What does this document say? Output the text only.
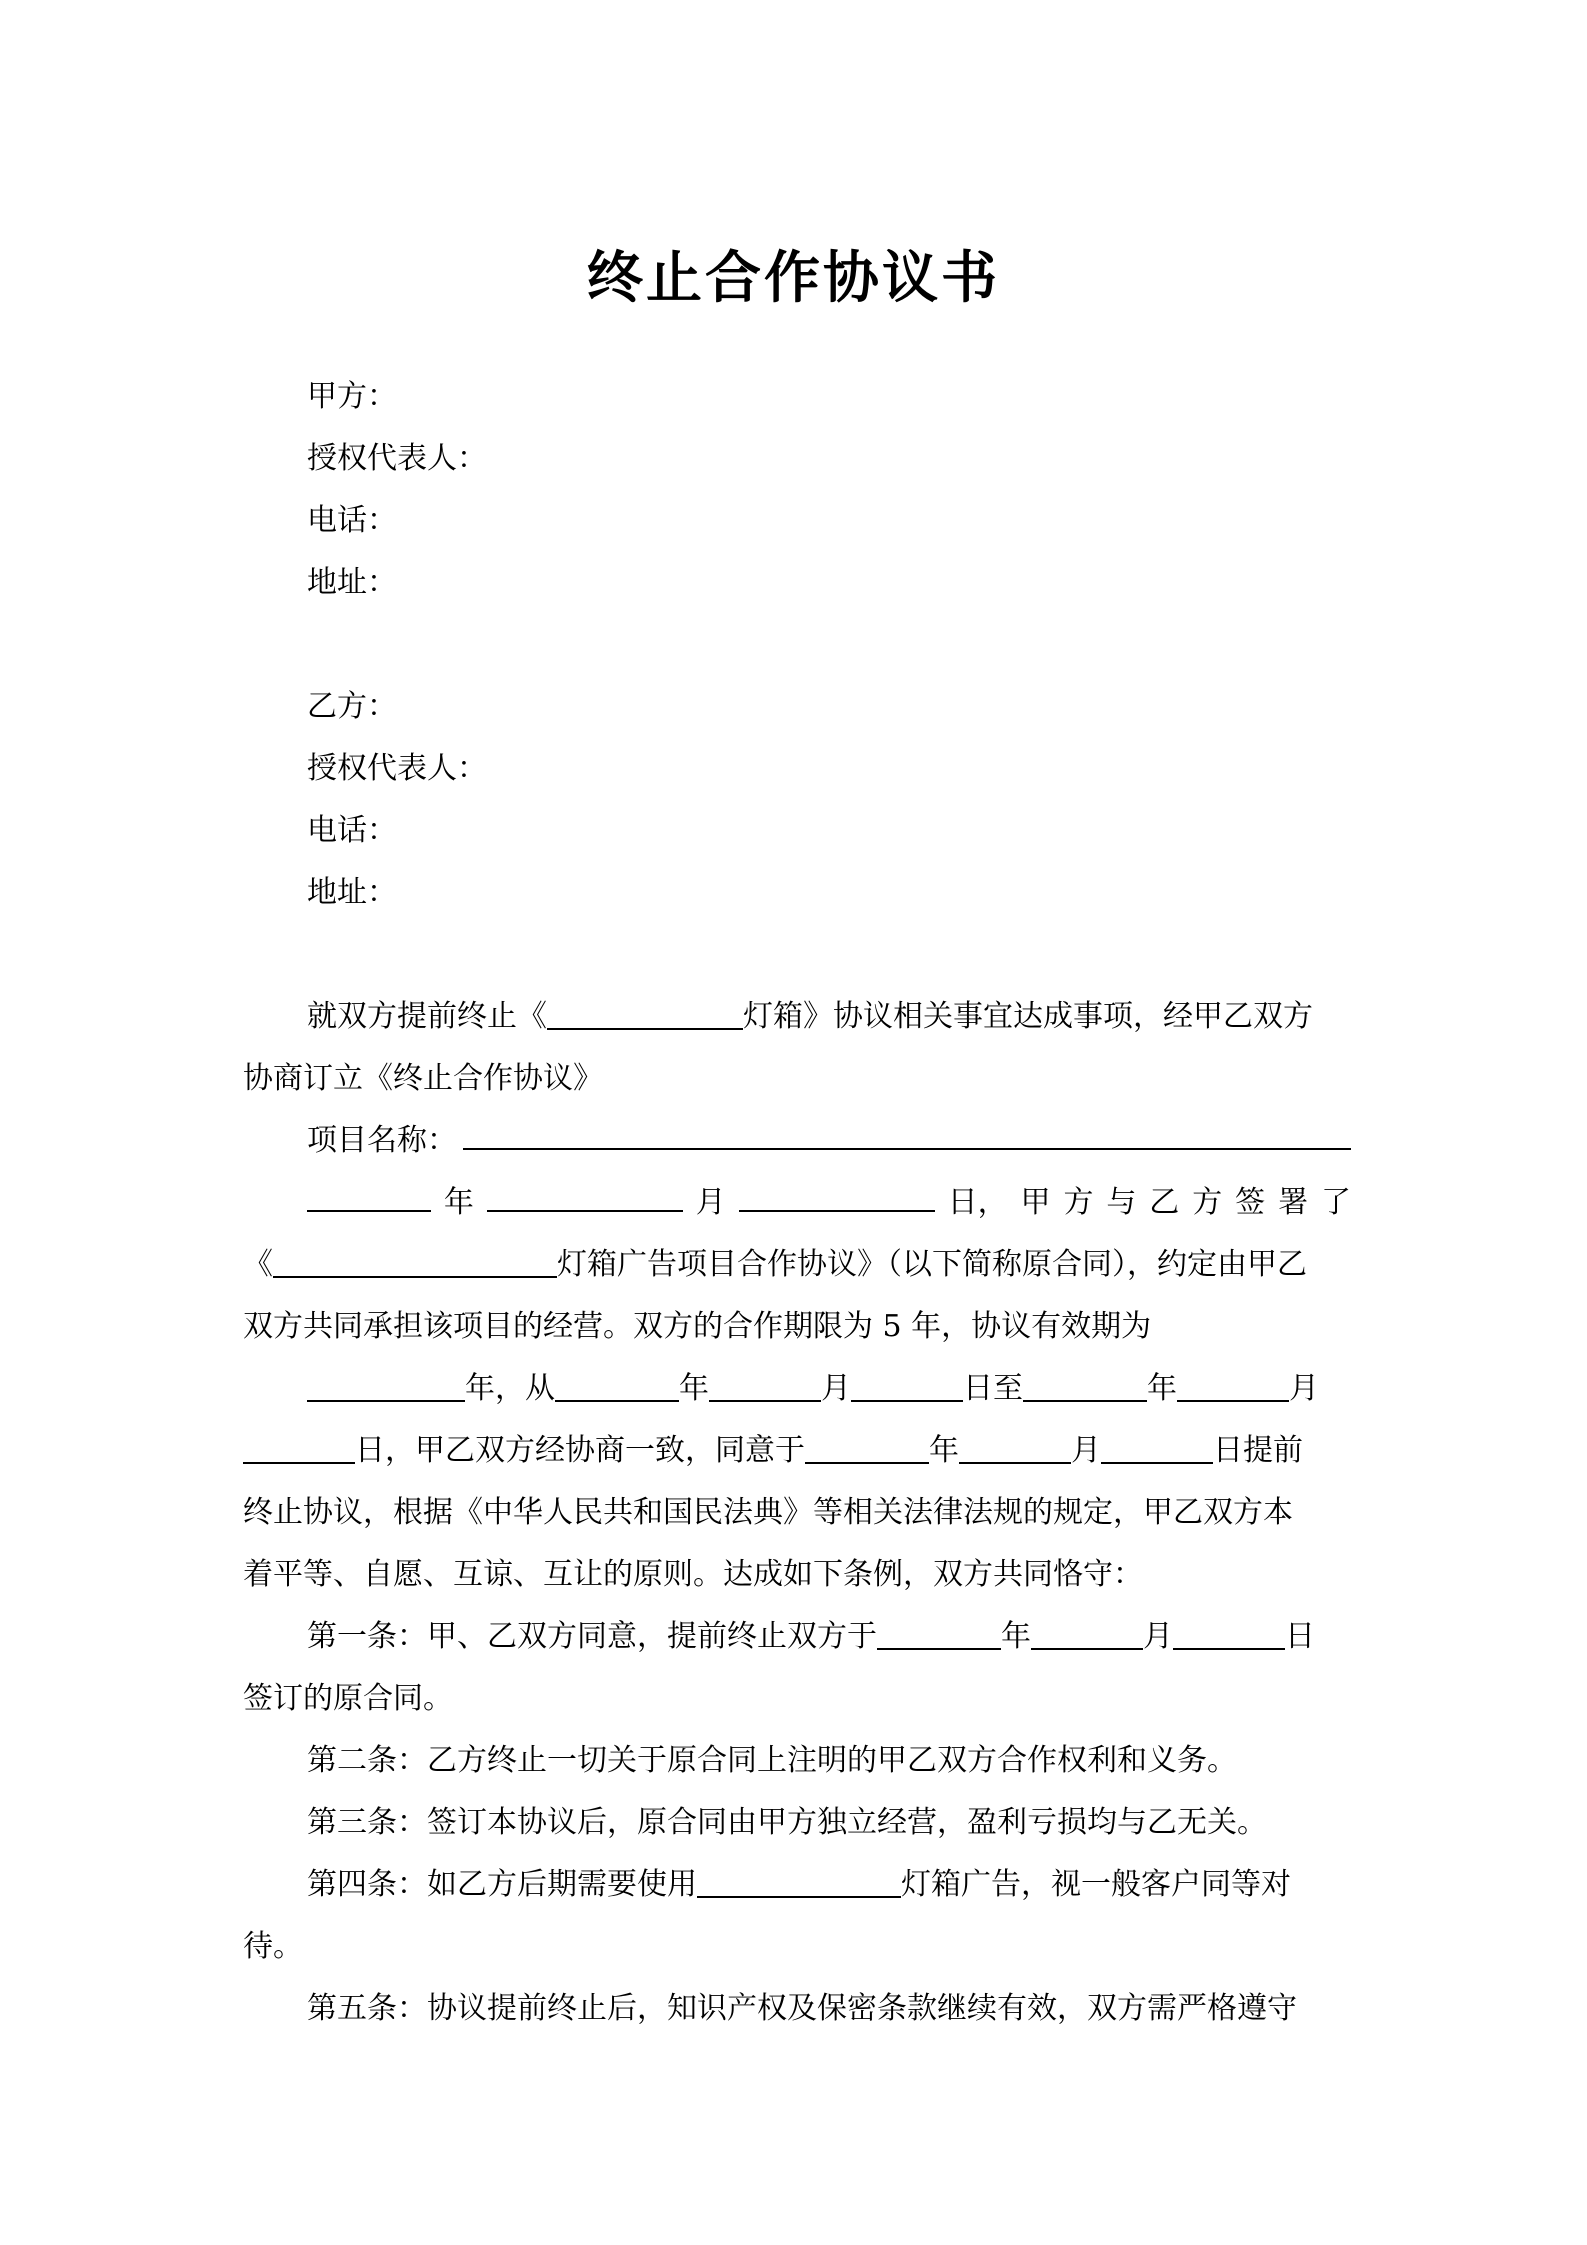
终止合作协议书
甲方：
授权代表人：
电话：
地址：
乙方：
授权代表人：
电话：
地址：
就双方提前终止《	灯箱》协议相关事宜达成事项，经甲乙双方
协商订立《终止合作协议》
项目名称：
年	月	日， 甲 方 与 乙 方 签 署 了
《	灯箱广告项目合作协议》（以下简称原合同），约定由甲乙
双方共同承担该项目的经营。双方的合作期限为 5 年，协议有效期为
年，从	年	月	日至	年	月
日，甲乙双方经协商一致，同意于	年	月	日提前
终止协议，根据《中华人民共和国民法典》等相关法律法规的规定，甲乙双方本
着平等、自愿、互谅、互让的原则。达成如下条例，双方共同恪守：
第一条：甲、乙双方同意，提前终止双方于	年	月	日
签订的原合同。
第二条：乙方终止一切关于原合同上注明的甲乙双方合作权利和义务。
第三条：签订本协议后，原合同由甲方独立经营，盈利亏损均与乙无关。
第四条：如乙方后期需要使用	灯箱广告，视一般客户同等对
待。
第五条：协议提前终止后，知识产权及保密条款继续有效，双方需严格遵守
